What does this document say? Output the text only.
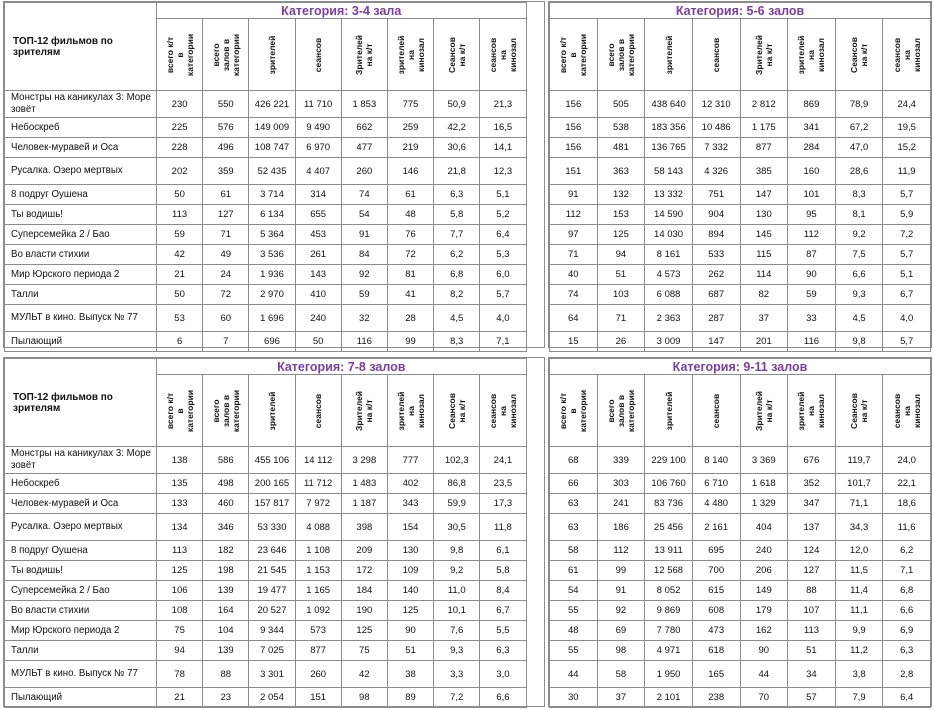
ТОП-12 фильмов по зрителям	Категория: 3-4 зала									

	всего к/т в категории	всего залов в категории	зрителей	сеансов	Зрителей на к/т	зрителей на кинозал	Сеансов на к/т	сеансов на кинозал		

Монстры на каникулах 3: Море зовёт	230	550	426 221	11 710	1 853	775	50,9	21,3		
Небоскреб	225	576	149 009	9 490	662	259	42,2	16,5		
Человек-муравей и Оса	228	496	108 747	6 970	477	219	30,6	14,1		
Русалка. Озеро мертвых	202	359	52 435	4 407	260	146	21,8	12,3		
8 подруг Оушена	50	61	3 714	314	74	61	6,3	5,1		
Ты водишь!	113	127	6 134	655	54	48	5,8	5,2		
Суперсемейка 2 / Бао	59	71	5 364	453	91	76	7,7	6,4		
Во власти стихии	42	49	3 536	261	84	72	6,2	5,3		
Мир Юрского периода 2	21	24	1 936	143	92	81	6,8	6,0		
Талли	50	72	2 970	410	59	41	8,2	5,7		
МУЛЬТ в кино. Выпуск № 77	53	60	1 696	240	32	28	4,5	4,0		
Пылающий	6	7	696	50	116	99	8,3	7,1		
Категория: 5-6 залов							

всего к/т в категории	всего залов в категории	зрителей	сеансов	Зрителей на к/т	зрителей на кинозал	Сеансов на к/т	сеансов на кинозал

156	505	438 640	12 310	2 812	869	78,9	24,4
156	538	183 356	10 486	1 175	341	67,2	19,5
156	481	136 765	7 332	877	284	47,0	15,2
151	363	58 143	4 326	385	160	28,6	11,9
91	132	13 332	751	147	101	8,3	5,7
112	153	14 590	904	130	95	8,1	5,9
97	125	14 030	894	145	112	9,2	7,2
71	94	8 161	533	115	87	7,5	5,7
40	51	4 573	262	114	90	6,6	5,1
74	103	6 088	687	82	59	9,3	6,7
64	71	2 363	287	37	33	4,5	4,0
15	26	3 009	147	201	116	9,8	5,7
ТОП-12 фильмов по зрителям	Категория: 7-8 залов									

	всего к/т в категории	всего залов в категории	зрителей	сеансов	Зрителей на к/т	зрителей на кинозал	Сеансов на к/т	сеансов на кинозал		

Монстры на каникулах 3: Море зовёт	138	586	455 106	14 112	3 298	777	102,3	24,1		
Небоскреб	135	498	200 165	11 712	1 483	402	86,8	23,5		
Человек-муравей и Оса	133	460	157 817	7 972	1 187	343	59,9	17,3		
Русалка. Озеро мертвых	134	346	53 330	4 088	398	154	30,5	11,8		
8 подруг Оушена	113	182	23 646	1 108	209	130	9,8	6,1		
Ты водишь!	125	198	21 545	1 153	172	109	9,2	5,8		
Суперсемейка 2 / Бао	106	139	19 477	1 165	184	140	11,0	8,4		
Во власти стихии	108	164	20 527	1 092	190	125	10,1	6,7		
Мир Юрского периода 2	75	104	9 344	573	125	90	7,6	5,5		
Талли	94	139	7 025	877	75	51	9,3	6,3		
МУЛЬТ в кино. Выпуск № 77	78	88	3 301	260	42	38	3,3	3,0		
Пылающий	21	23	2 054	151	98	89	7,2	6,6		
Категория: 9-11 залов							

всего к/т в категории	всего залов в категории	зрителей	сеансов	Зрителей на к/т	зрителей на кинозал	Сеансов на к/т	сеансов на кинозал

68	339	229 100	8 140	3 369	676	119,7	24,0
66	303	106 760	6 710	1 618	352	101,7	22,1
63	241	83 736	4 480	1 329	347	71,1	18,6
63	186	25 456	2 161	404	137	34,3	11,6
58	112	13 911	695	240	124	12,0	6,2
61	99	12 568	700	206	127	11,5	7,1
54	91	8 052	615	149	88	11,4	6,8
55	92	9 869	608	179	107	11,1	6,6
48	69	7 780	473	162	113	9,9	6,9
55	98	4 971	618	90	51	11,2	6,3
44	58	1 950	165	44	34	3,8	2,8
30	37	2 101	238	70	57	7,9	6,4
